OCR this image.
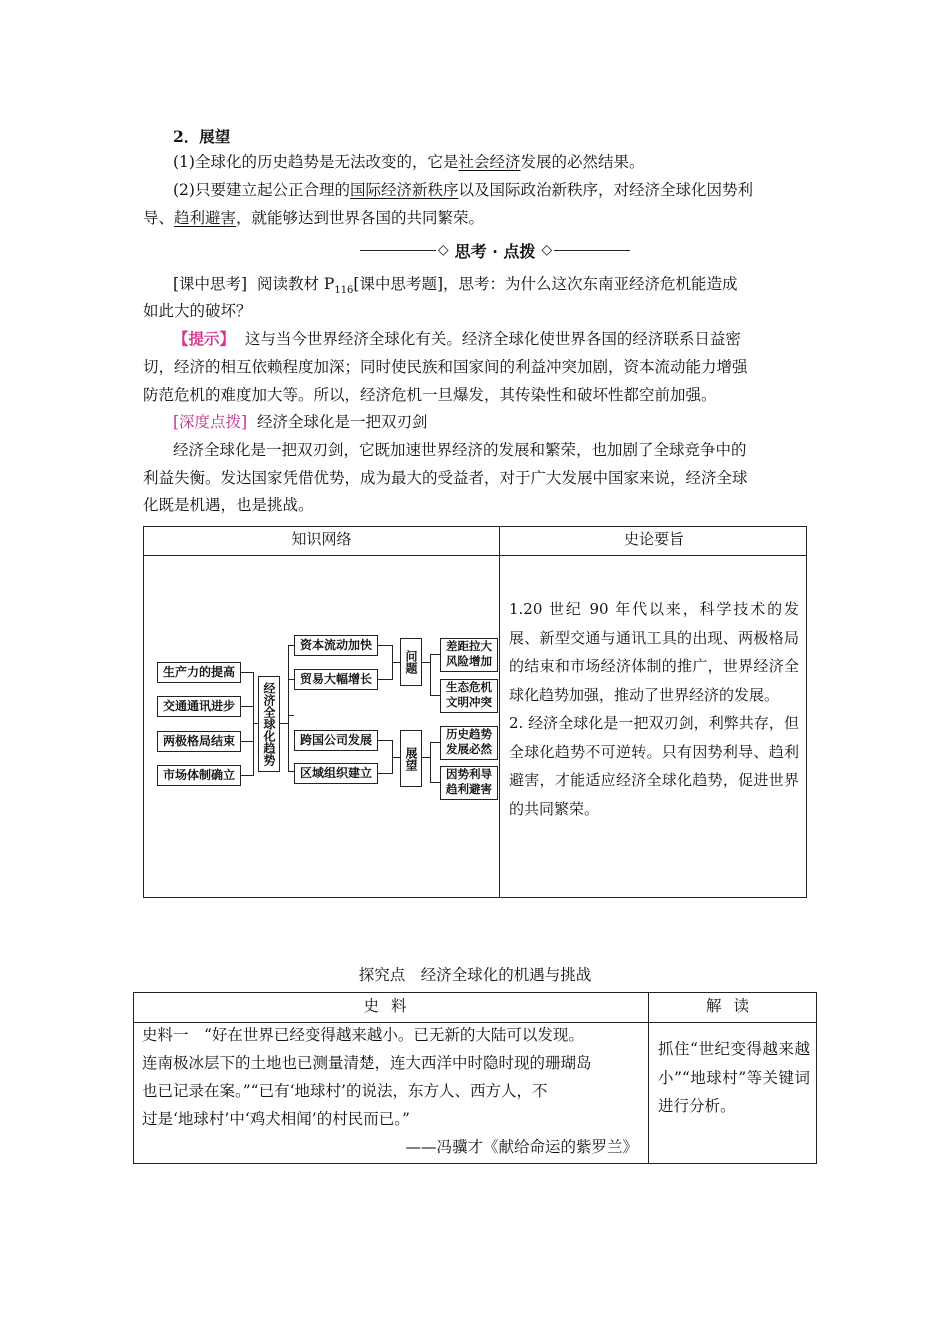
2．展望
(1)全球化的历史趋势是无法改变的，它是社会经济发展的必然结果。
(2)只要建立起公正合理的国际经济新秩序以及国际政治新秩序，对经济全球化因势利
导、趋利避害，就能够达到世界各国的共同繁荣。
◇ 思考 · 点拨 ◇
[课中思考] 阅读教材 $P_{116}$[课中思考题]，思考：为什么这次东南亚经济危机能造成
如此大的破坏？
【提示】 这与当今世界经济全球化有关。经济全球化使世界各国的经济联系日益密
切，经济的相互依赖程度加深；同时使民族和国家间的利益冲突加剧，资本流动能力增强
防范危机的难度加大等。所以，经济危机一旦爆发，其传染性和破坏性都空前加强。
[深度点拨] 经济全球化是一把双刃剑
经济全球化是一把双刃剑，它既加速世界经济的发展和繁荣，也加剧了全球竞争中的
利益失衡。发达国家凭借优势，成为最大的受益者，对于广大发展中国家来说，经济全球
化既是机遇，也是挑战。
知识网络	史论要旨
1.20 世纪 90 年代以来，科学技术的发展、新型交通与通讯工具的出现、两极格局的结束和市场经济体制的推广，世界经济全球化趋势加强，推动了世界经济的发展。
2. 经济全球化是一把双刃剑，利弊共存，但全球化趋势不可逆转。只有因势利导、趋利避害，才能适应经济全球化趋势，促进世界的共同繁荣。
生产力的提高
交通通讯进步
两极格局结束
市场体制确立
经济全球化趋势
资本流动加快
贸易大幅增长
跨国公司发展
区域组织建立
问题
展望
差距拉大
风险增加
生态危机
文明冲突
历史趋势
发展必然
因势利导
趋利避害
探究点　经济全球化的机遇与挑战
史料	解读
史料一　“好在世界已经变得越来越小。已无新的大陆可以发现。
连南极冰层下的土地也已测量清楚，连大西洋中时隐时现的珊瑚岛
也已记录在案。”“已有‘地球村’的说法，东方人、西方人，不
过是‘地球村’中‘鸡犬相闻’的村民而已。”
——冯骥才《献给命运的紫罗兰》
抓住“世纪变得越来越小”“地球村”等关键词进行分析。
